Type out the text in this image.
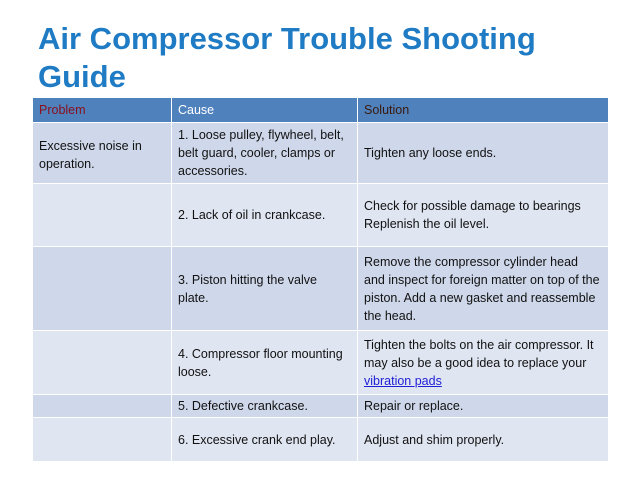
Air Compressor Trouble Shooting Guide
Problem	Cause	Solution
Excessive noise in operation.	1. Loose pulley, flywheel, belt, belt guard, cooler, clamps or accessories.	Tighten any loose ends.
	2. Lack of oil in crankcase.	Check for possible damage to bearings
Replenish the oil level.
	3. Piston hitting the valve plate.	Remove the compressor cylinder head and inspect for foreign matter on top of the piston. Add a new gasket and reassemble the head.
	4. Compressor floor mounting loose.	Tighten the bolts on the air compressor. It may also be a good idea to replace your vibration pads
	5. Defective crankcase.	Repair or replace.
	6. Excessive crank end play.	Adjust and shim properly.
